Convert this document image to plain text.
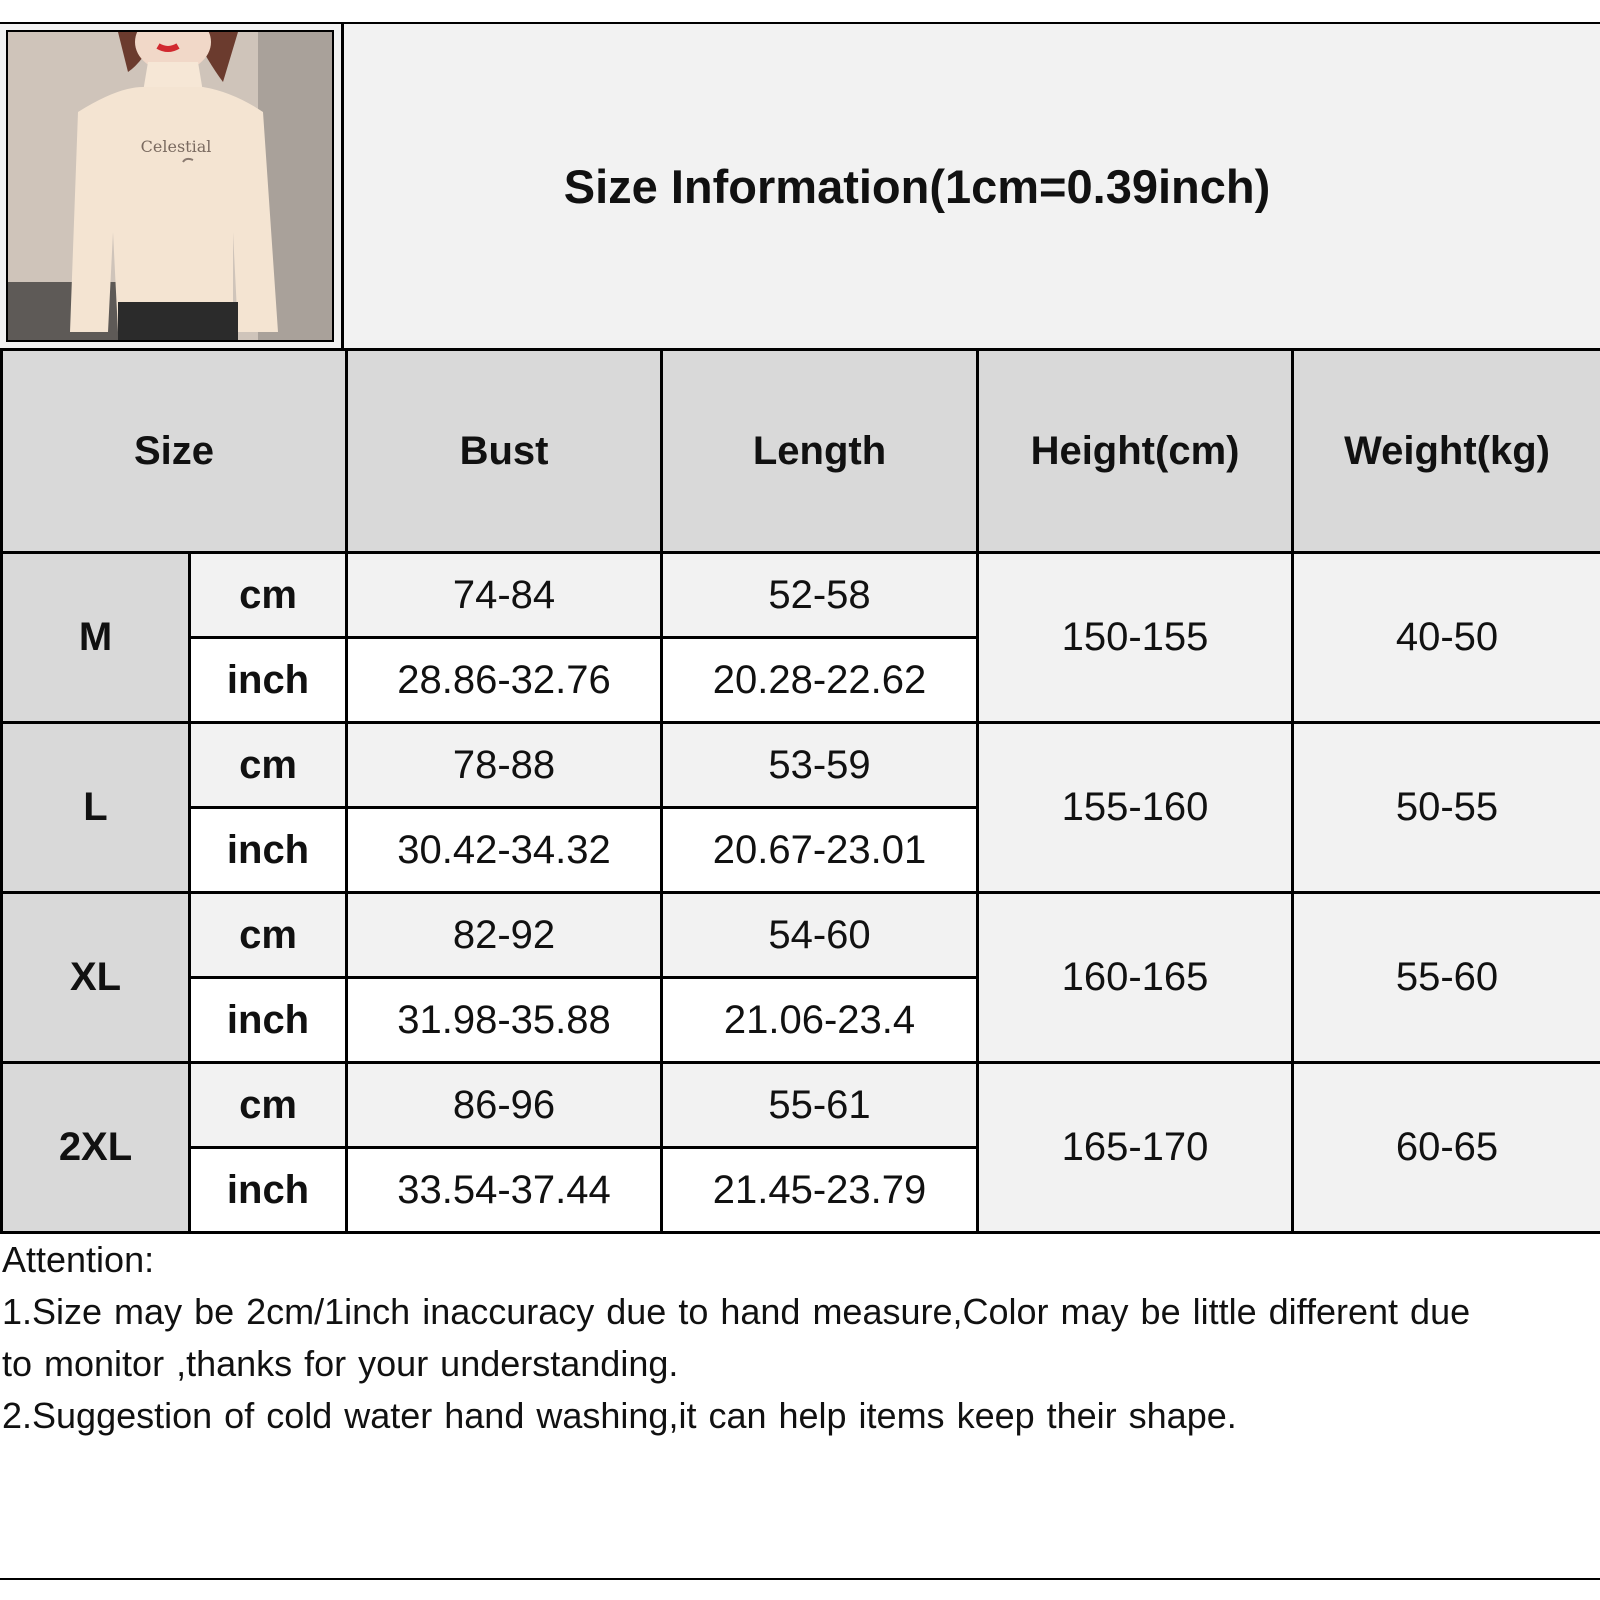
Celestial
Size Information(1cm=0.39inch)
Size		Bust	Length	Height(cm)	Weight(kg)
M	cm	74-84	52-58	150-155	40-50
	inch	28.86-32.76	20.28-22.62		
L	cm	78-88	53-59	155-160	50-55
	inch	30.42-34.32	20.67-23.01		
XL	cm	82-92	54-60	160-165	55-60
	inch	31.98-35.88	21.06-23.4		
2XL	cm	86-96	55-61	165-170	60-65
	inch	33.54-37.44	21.45-23.79		
Attention:
1.Size may be 2cm/1inch inaccuracy due to hand measure,Color may be little different due
to monitor ,thanks for your understanding.
2.Suggestion of cold water hand washing,it can help items keep their shape.
